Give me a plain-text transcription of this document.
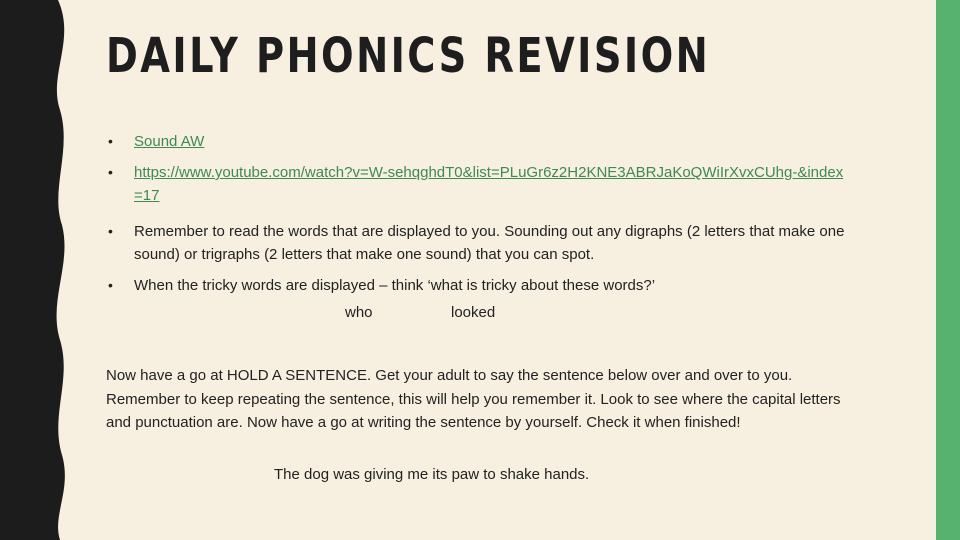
DAILY PHONICS REVISION
• Sound AW
• https://www.youtube.com/watch?v=W-sehqghdT0&list=PLuGr6z2H2KNE3ABRJaKoQWiIrXvxCUhg-&index=17
• Remember to read the words that are displayed to you. Sounding out any digraphs (2 letters that make one sound) or trigraphs (2 letters that make one sound) that you can spot.
• When the tricky words are displayed – think ‘what is tricky about these words?’
who	looked

Now have a go at HOLD A SENTENCE. Get your adult to say the sentence below over and over to you. Remember to keep repeating the sentence, this will help you remember it. Look to see where the capital letters and punctuation are. Now have a go at writing the sentence by yourself. Check it when finished!

The dog was giving me its paw to shake hands.
